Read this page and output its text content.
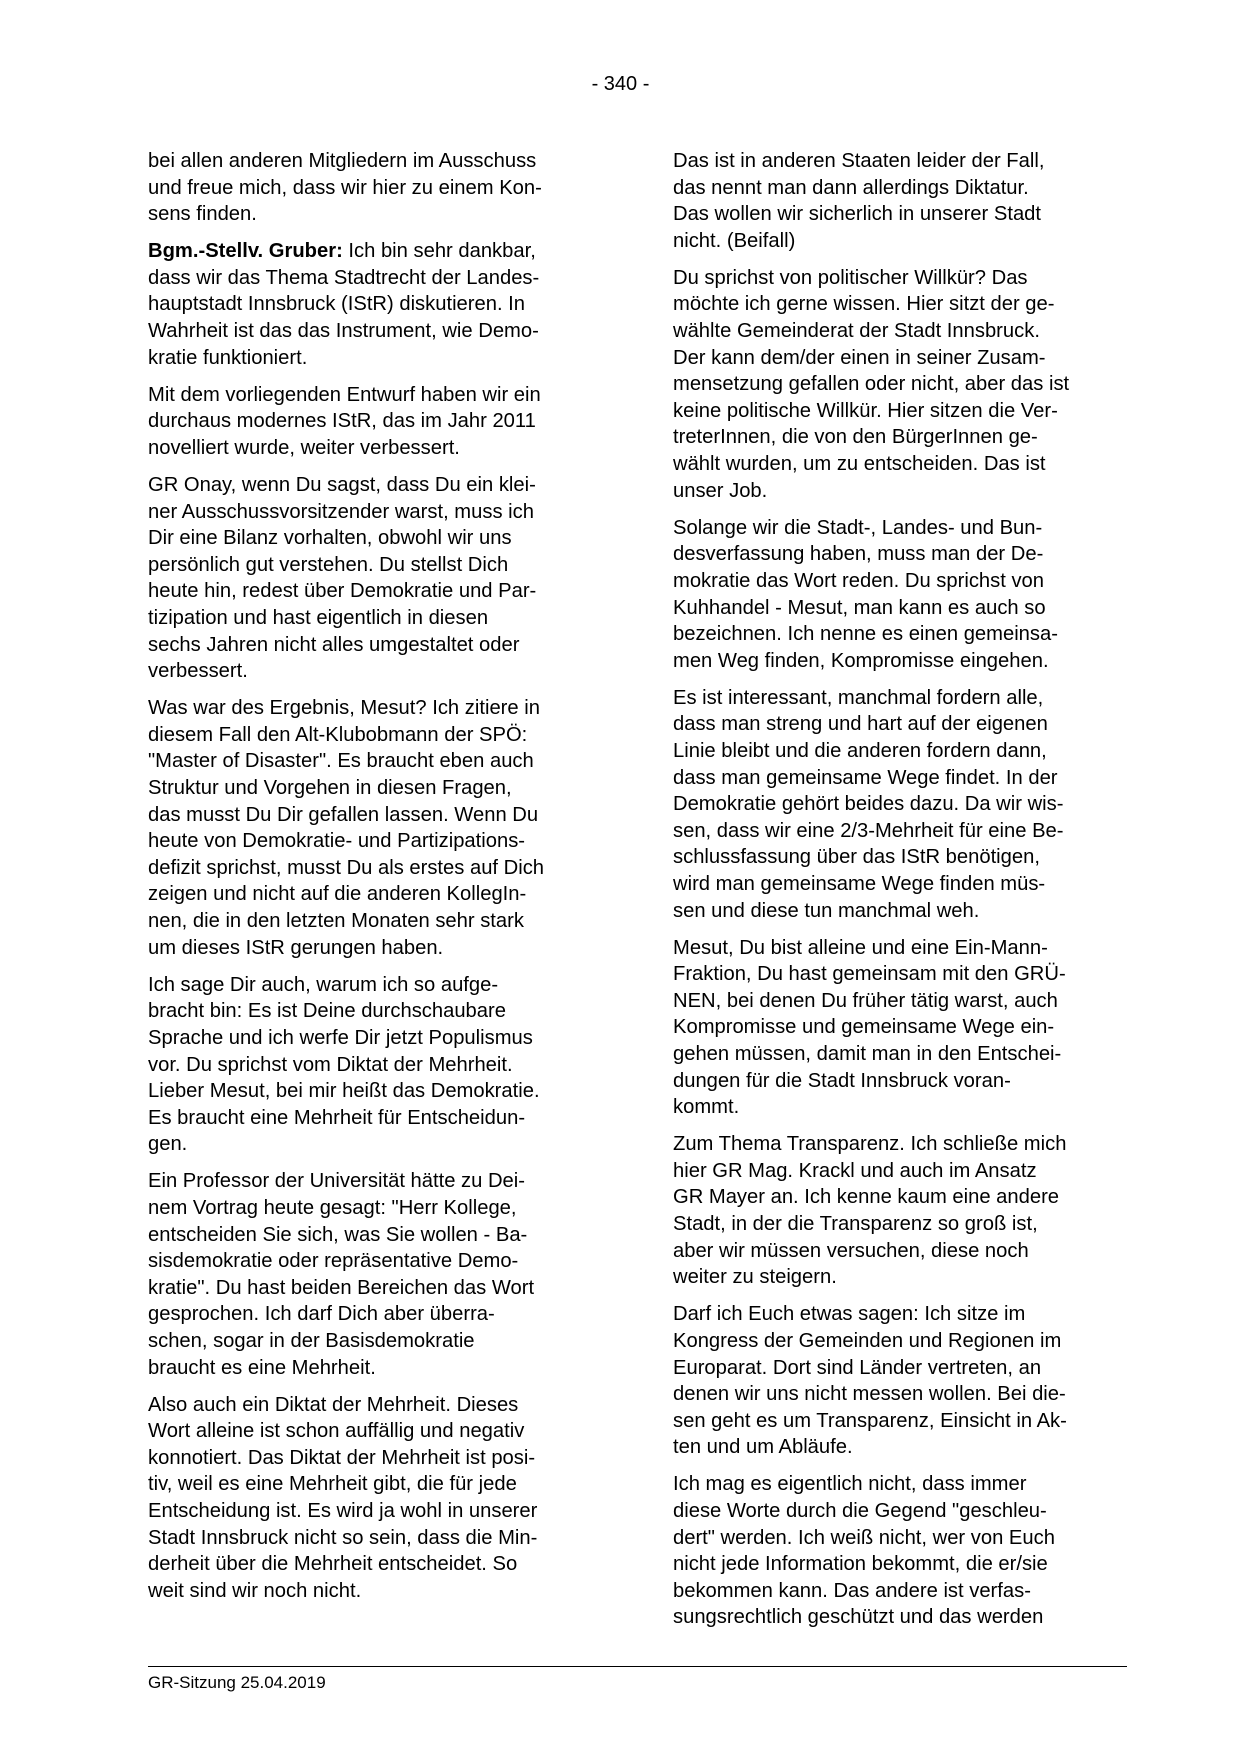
- 340 -

bei allen anderen Mitgliedern im Ausschuss
und freue mich, dass wir hier zu einem Kon-
sens finden.

Bgm.-Stellv. Gruber: Ich bin sehr dankbar,
dass wir das Thema Stadtrecht der Landes-
hauptstadt Innsbruck (IStR) diskutieren. In
Wahrheit ist das das Instrument, wie Demo-
kratie funktioniert.

Mit dem vorliegenden Entwurf haben wir ein
durchaus modernes IStR, das im Jahr 2011
novelliert wurde, weiter verbessert.

GR Onay, wenn Du sagst, dass Du ein klei-
ner Ausschussvorsitzender warst, muss ich
Dir eine Bilanz vorhalten, obwohl wir uns
persönlich gut verstehen. Du stellst Dich
heute hin, redest über Demokratie und Par-
tizipation und hast eigentlich in diesen
sechs Jahren nicht alles umgestaltet oder
verbessert.

Was war des Ergebnis, Mesut? Ich zitiere in
diesem Fall den Alt-Klubobmann der SPÖ:
"Master of Disaster". Es braucht eben auch
Struktur und Vorgehen in diesen Fragen,
das musst Du Dir gefallen lassen. Wenn Du
heute von Demokratie- und Partizipations-
defizit sprichst, musst Du als erstes auf Dich
zeigen und nicht auf die anderen KollegIn-
nen, die in den letzten Monaten sehr stark
um dieses IStR gerungen haben.

Ich sage Dir auch, warum ich so aufge-
bracht bin: Es ist Deine durchschaubare
Sprache und ich werfe Dir jetzt Populismus
vor. Du sprichst vom Diktat der Mehrheit.
Lieber Mesut, bei mir heißt das Demokratie.
Es braucht eine Mehrheit für Entscheidun-
gen.

Ein Professor der Universität hätte zu Dei-
nem Vortrag heute gesagt: "Herr Kollege,
entscheiden Sie sich, was Sie wollen - Ba-
sisdemokratie oder repräsentative Demo-
kratie". Du hast beiden Bereichen das Wort
gesprochen. Ich darf Dich aber überra-
schen, sogar in der Basisdemokratie
braucht es eine Mehrheit.

Also auch ein Diktat der Mehrheit. Dieses
Wort alleine ist schon auffällig und negativ
konnotiert. Das Diktat der Mehrheit ist posi-
tiv, weil es eine Mehrheit gibt, die für jede
Entscheidung ist. Es wird ja wohl in unserer
Stadt Innsbruck nicht so sein, dass die Min-
derheit über die Mehrheit entscheidet. So
weit sind wir noch nicht.

Das ist in anderen Staaten leider der Fall,
das nennt man dann allerdings Diktatur.
Das wollen wir sicherlich in unserer Stadt
nicht. (Beifall)

Du sprichst von politischer Willkür? Das
möchte ich gerne wissen. Hier sitzt der ge-
wählte Gemeinderat der Stadt Innsbruck.
Der kann dem/der einen in seiner Zusam-
mensetzung gefallen oder nicht, aber das ist
keine politische Willkür. Hier sitzen die Ver-
treterInnen, die von den BürgerInnen ge-
wählt wurden, um zu entscheiden. Das ist
unser Job.

Solange wir die Stadt-, Landes- und Bun-
desverfassung haben, muss man der De-
mokratie das Wort reden. Du sprichst von
Kuhhandel - Mesut, man kann es auch so
bezeichnen. Ich nenne es einen gemeinsa-
men Weg finden, Kompromisse eingehen.

Es ist interessant, manchmal fordern alle,
dass man streng und hart auf der eigenen
Linie bleibt und die anderen fordern dann,
dass man gemeinsame Wege findet. In der
Demokratie gehört beides dazu. Da wir wis-
sen, dass wir eine 2/3-Mehrheit für eine Be-
schlussfassung über das IStR benötigen,
wird man gemeinsame Wege finden müs-
sen und diese tun manchmal weh.

Mesut, Du bist alleine und eine Ein-Mann-
Fraktion, Du hast gemeinsam mit den GRÜ-
NEN, bei denen Du früher tätig warst, auch
Kompromisse und gemeinsame Wege ein-
gehen müssen, damit man in den Entschei-
dungen für die Stadt Innsbruck voran-
kommt.

Zum Thema Transparenz. Ich schließe mich
hier GR Mag. Krackl und auch im Ansatz
GR Mayer an. Ich kenne kaum eine andere
Stadt, in der die Transparenz so groß ist,
aber wir müssen versuchen, diese noch
weiter zu steigern.

Darf ich Euch etwas sagen: Ich sitze im
Kongress der Gemeinden und Regionen im
Europarat. Dort sind Länder vertreten, an
denen wir uns nicht messen wollen. Bei die-
sen geht es um Transparenz, Einsicht in Ak-
ten und um Abläufe.

Ich mag es eigentlich nicht, dass immer
diese Worte durch die Gegend "geschleu-
dert" werden. Ich weiß nicht, wer von Euch
nicht jede Information bekommt, die er/sie
bekommen kann. Das andere ist verfas-
sungsrechtlich geschützt und das werden

GR-Sitzung 25.04.2019
